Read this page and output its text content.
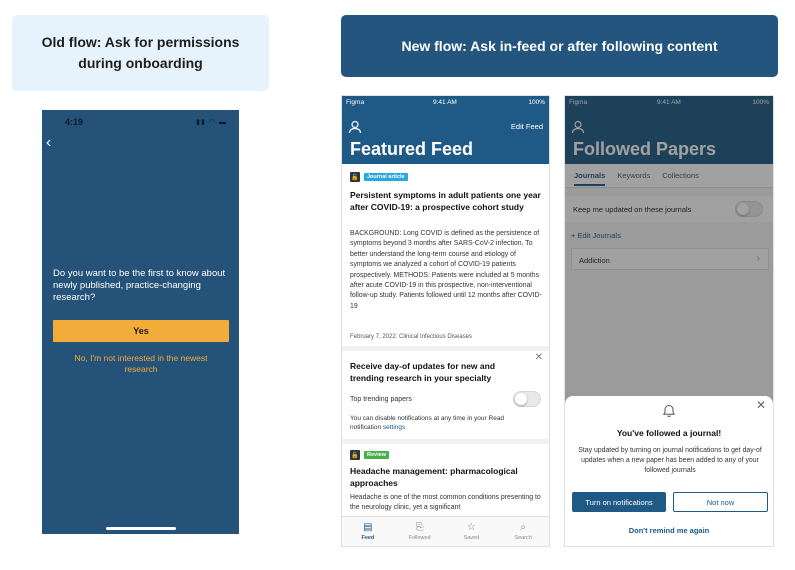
Old flow: Ask for permissions during onboarding
New flow: Ask in-feed or after following content
4:19	▮▮ ◠ ▬
‹
Do you want to be the first to know about newly published, practice-changing research?
Yes
No, I'm not interested in the newest research
Figma	9:41 AM	100%
Edit Feed
Featured Feed
🔓	Journal article
Persistent symptoms in adult patients one year after COVID-19: a prospective cohort study
BACKGROUND: Long COVID is defined as the persistence of symptoms beyond 3 months after SARS-CoV-2 infection. To better understand the long-term course and etiology of symptoms we analyzed a cohort of COVID-19 patients prospectively. METHODS: Patients were included at 5 months after acute COVID-19 in this prospective, non-interventional follow-up study. Patients followed until 12 months after COVID-19
February 7, 2022: Clinical Infectious Diseases
Receive day-of updates for new and trending research in your specialty
✕
Top trending papers
You can disable notifications at any time in your Read notification settings
🔓	Review
Headache management: pharmacological approaches
Headache is one of the most common conditions presenting to the neurology clinic, yet a significant
▤
Feed
⎘
Followed
☆
Saved
⌕
Search
Figma	9:41 AM	100%
Followed Papers
Journals Keywords Collections
Keep me updated on these journals
+ Edit Journals
Addiction	›
✕
You've followed a journal!
Stay updated by turning on journal notifications to get day-of updates when a new paper has been added to any of your followed journals
Turn on notifications	Not now
Don't remind me again
